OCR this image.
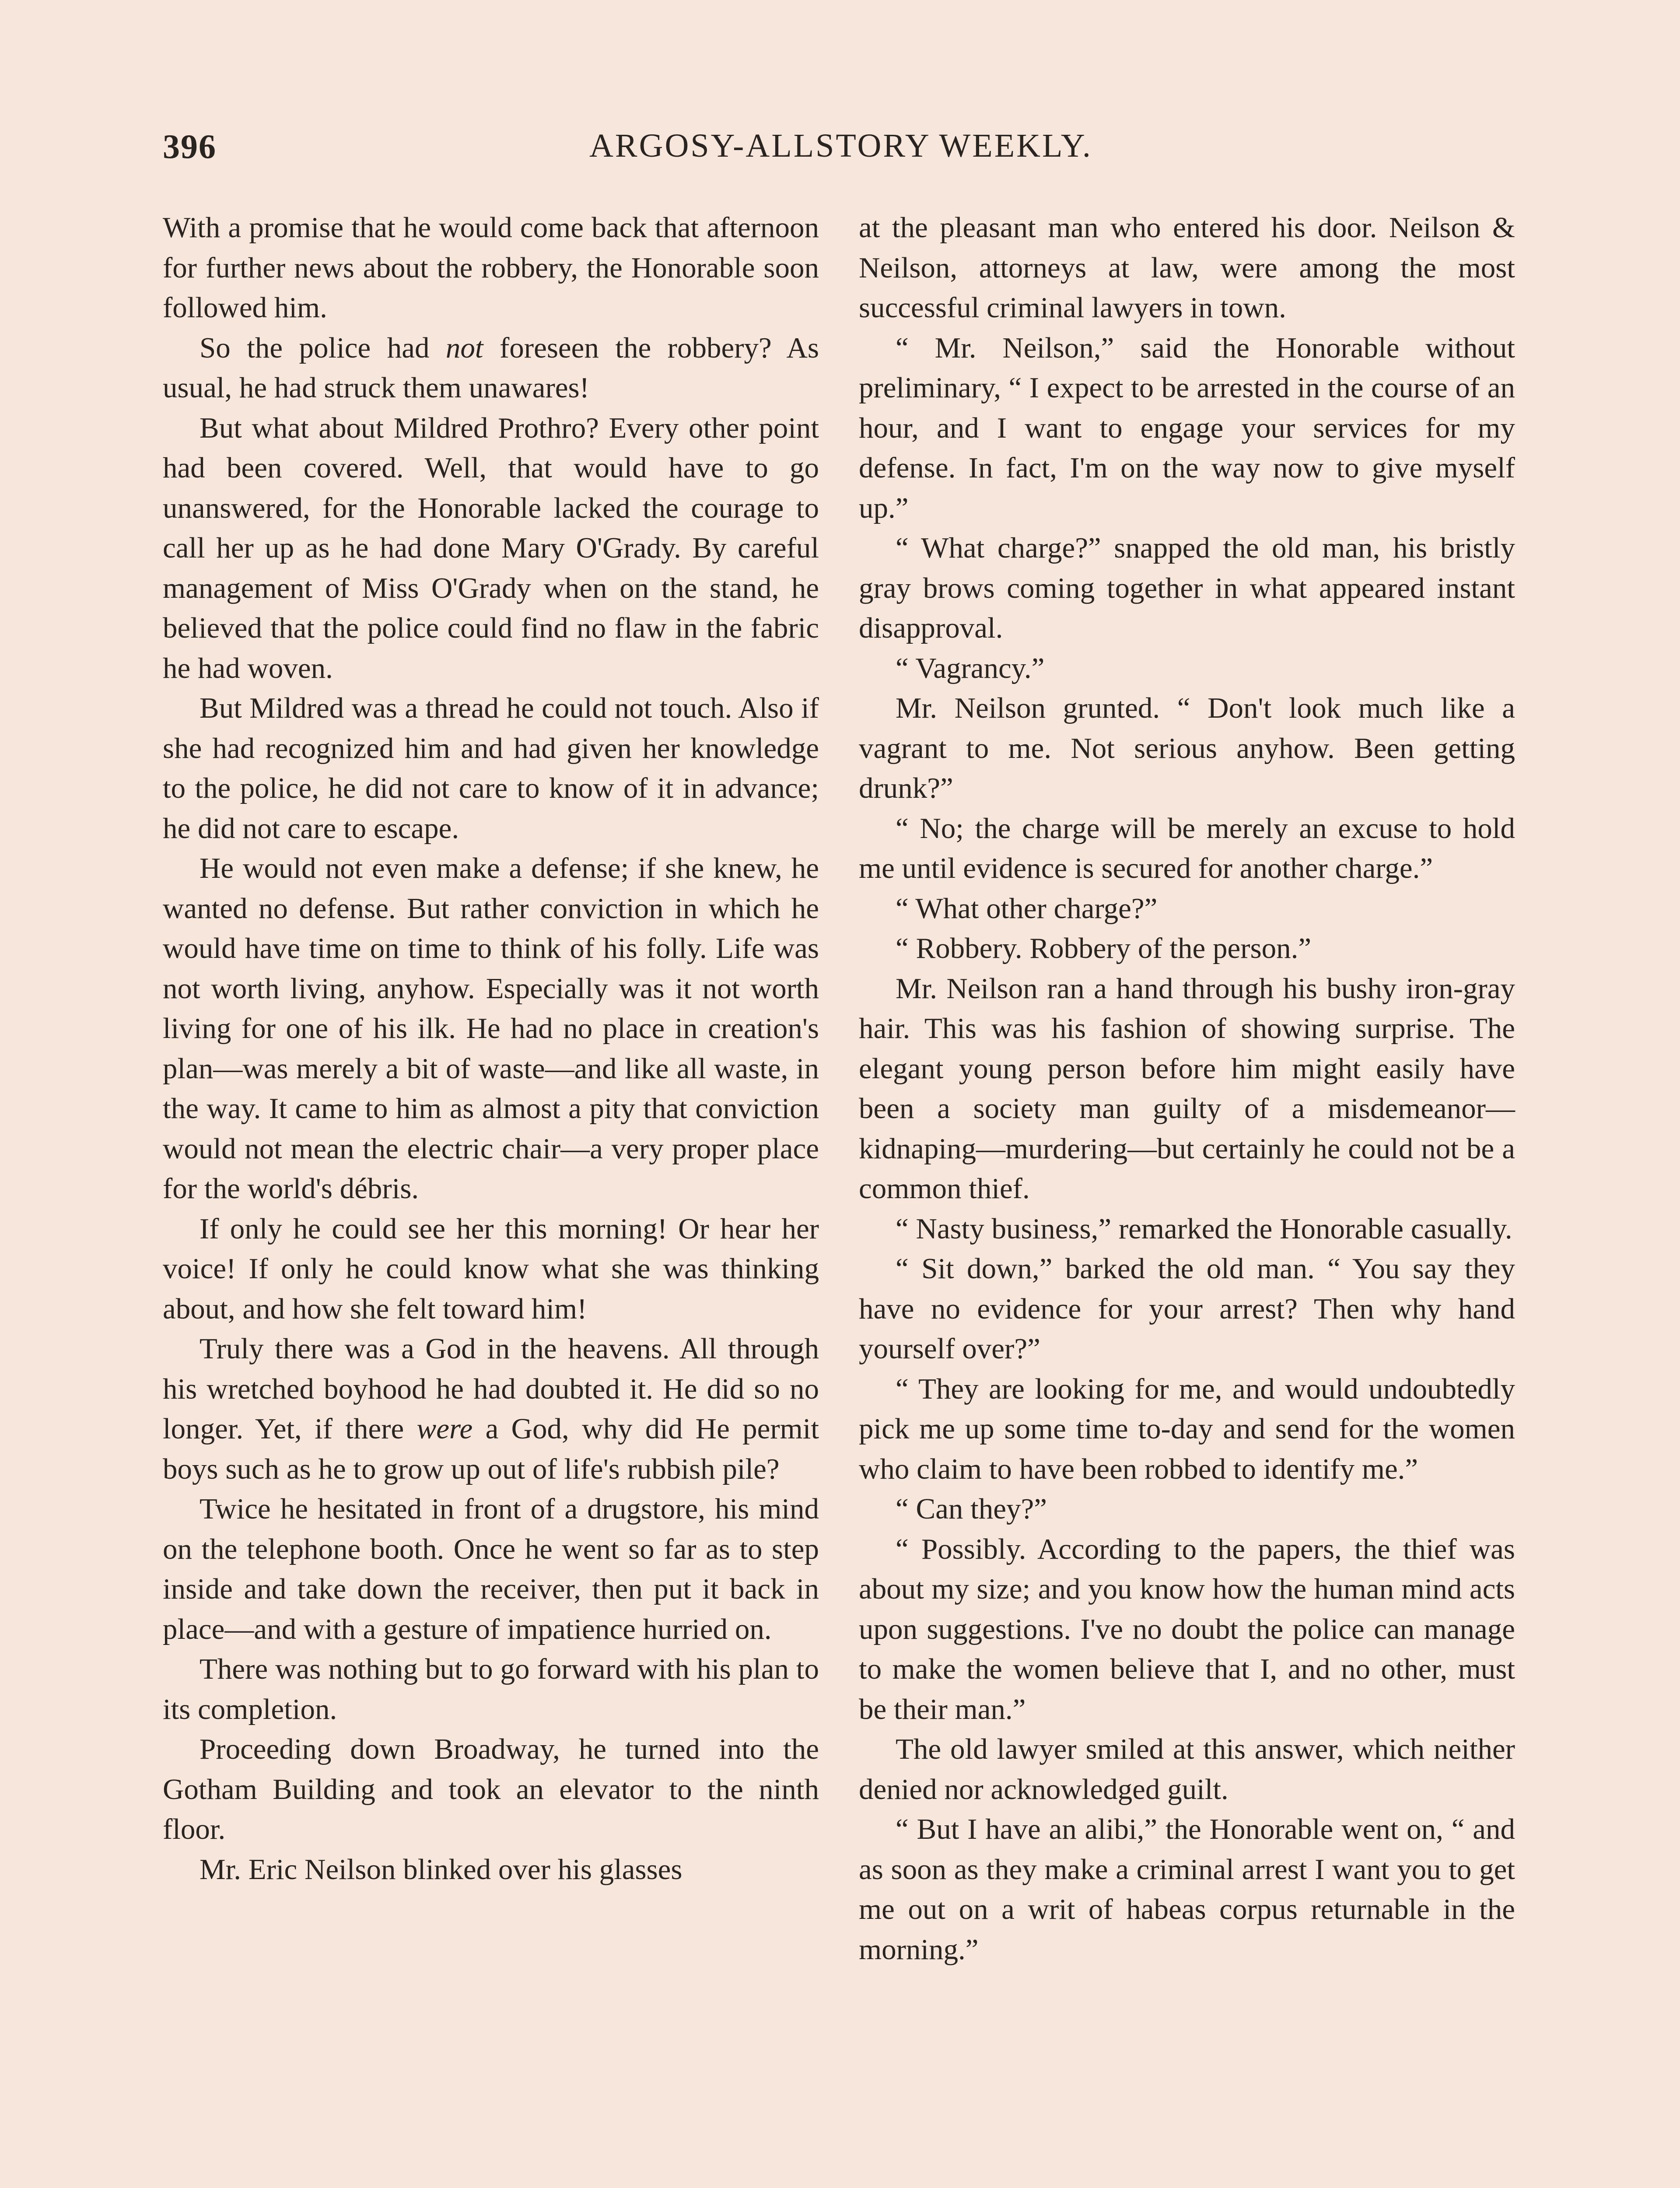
396	ARGOSY-ALLSTORY WEEKLY.

With a promise that he would come back that afternoon for further news about the robbery, the Honorable soon followed him.

So the police had not foreseen the robbery? As usual, he had struck them unawares!

But what about Mildred Prothro? Every other point had been covered. Well, that would have to go unanswered, for the Honorable lacked the courage to call her up as he had done Mary O'Grady. By careful management of Miss O'Grady when on the stand, he believed that the police could find no flaw in the fabric he had woven.

But Mildred was a thread he could not touch. Also if she had recognized him and had given her knowledge to the police, he did not care to know of it in advance; he did not care to escape.

He would not even make a defense; if she knew, he wanted no defense. But rather conviction in which he would have time on time to think of his folly. Life was not worth living, anyhow. Especially was it not worth living for one of his ilk. He had no place in creation's plan—was merely a bit of waste—and like all waste, in the way. It came to him as almost a pity that conviction would not mean the electric chair—a very proper place for the world's débris.

If only he could see her this morning! Or hear her voice! If only he could know what she was thinking about, and how she felt toward him!

Truly there was a God in the heavens. All through his wretched boyhood he had doubted it. He did so no longer. Yet, if there were a God, why did He permit boys such as he to grow up out of life's rubbish pile?

Twice he hesitated in front of a drugstore, his mind on the telephone booth. Once he went so far as to step inside and take down the receiver, then put it back in place—and with a gesture of impatience hurried on.

There was nothing but to go forward with his plan to its completion.

Proceeding down Broadway, he turned into the Gotham Building and took an elevator to the ninth floor.

Mr. Eric Neilson blinked over his glasses

at the pleasant man who entered his door. Neilson & Neilson, attorneys at law, were among the most successful criminal lawyers in town.

“ Mr. Neilson,” said the Honorable without preliminary, “ I expect to be arrested in the course of an hour, and I want to engage your services for my defense. In fact, I'm on the way now to give myself up.”

“ What charge?” snapped the old man, his bristly gray brows coming together in what appeared instant disapproval.

“ Vagrancy.”

Mr. Neilson grunted. “ Don't look much like a vagrant to me. Not serious anyhow. Been getting drunk?”

“ No; the charge will be merely an excuse to hold me until evidence is secured for another charge.”

“ What other charge?”

“ Robbery. Robbery of the person.”

Mr. Neilson ran a hand through his bushy iron-gray hair. This was his fashion of showing surprise. The elegant young person before him might easily have been a society man guilty of a misdemeanor—kidnaping—murdering—but certainly he could not be a common thief.

“ Nasty business,” remarked the Honorable casually.

“ Sit down,” barked the old man. “ You say they have no evidence for your arrest? Then why hand yourself over?”

“ They are looking for me, and would undoubtedly pick me up some time to-day and send for the women who claim to have been robbed to identify me.”

“ Can they?”

“ Possibly. According to the papers, the thief was about my size; and you know how the human mind acts upon suggestions. I've no doubt the police can manage to make the women believe that I, and no other, must be their man.”

The old lawyer smiled at this answer, which neither denied nor acknowledged guilt.

“ But I have an alibi,” the Honorable went on, “ and as soon as they make a criminal arrest I want you to get me out on a writ of habeas corpus returnable in the morning.”
